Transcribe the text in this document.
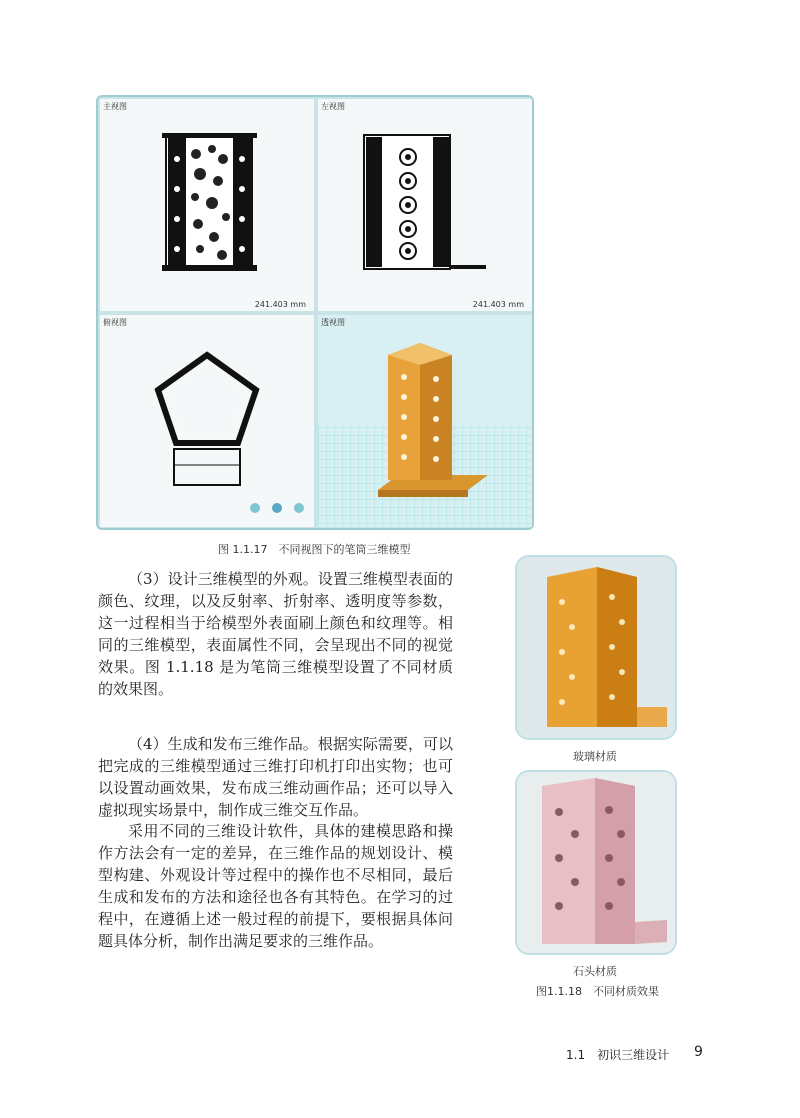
主视图
241.403 mm
左视图
241.403 mm
俯视图	透视图
图 1.1.17　不同视图下的笔筒三维模型

（3）设计三维模型的外观。设置三维模型表面的颜色、纹理，以及反射率、折射率、透明度等参数，这一过程相当于给模型外表面刷上颜色和纹理等。相同的三维模型，表面属性不同，会呈现出不同的视觉效果。图 1.1.18 是为笔筒三维模型设置了不同材质的效果图。

（4）生成和发布三维作品。根据实际需要，可以把完成的三维模型通过三维打印机打印出实物；也可以设置动画效果，发布成三维动画作品；还可以导入虚拟现实场景中，制作成三维交互作品。

采用不同的三维设计软件，具体的建模思路和操作方法会有一定的差异，在三维作品的规划设计、模型构建、外观设计等过程中的操作也不尽相同，最后生成和发布的方法和途径也各有其特色。在学习的过程中，在遵循上述一般过程的前提下，要根据具体问题具体分析，制作出满足要求的三维作品。

玻璃材质
石头材质
图1.1.18　不同材质效果
1.1　初识三维设计 9
